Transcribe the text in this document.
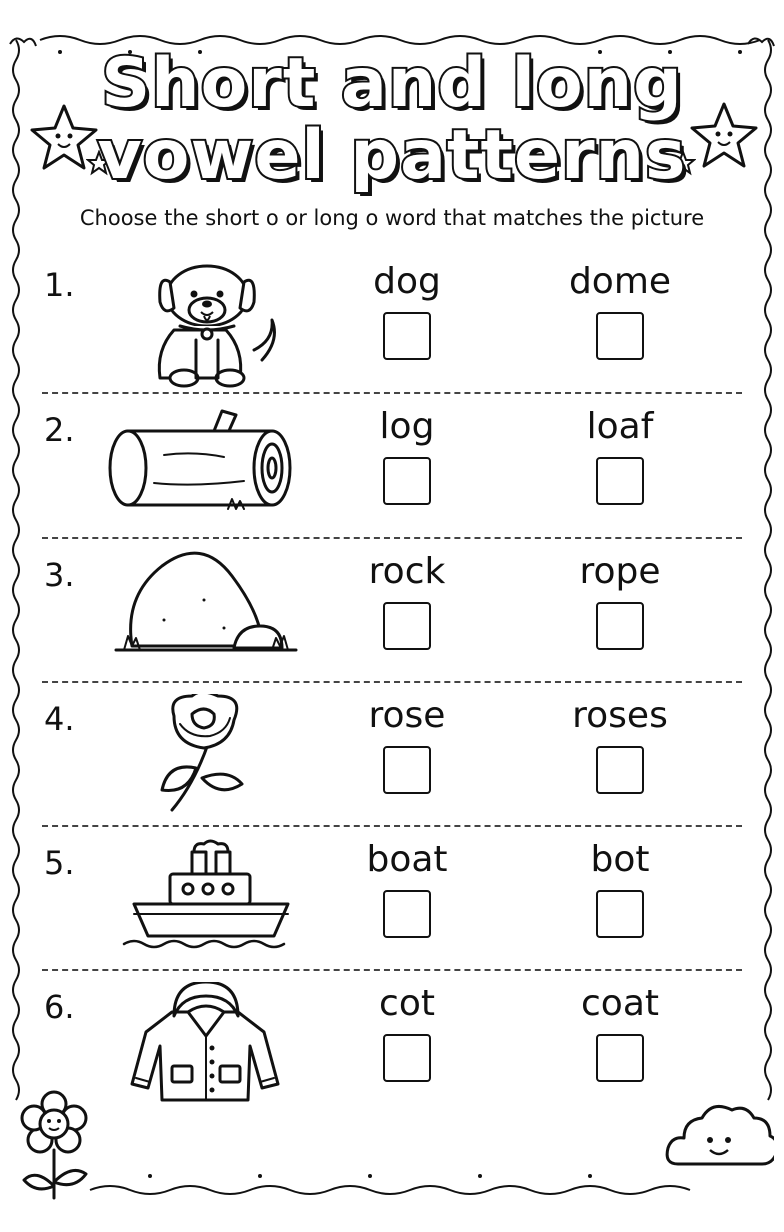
Short and long
vowel patterns
Choose the short o or long o word that matches the picture
1.	dog	dome
2.	log	loaf
3.	rock	rope
4.	rose	roses
5.	boat	bot
6.	cot	coat
